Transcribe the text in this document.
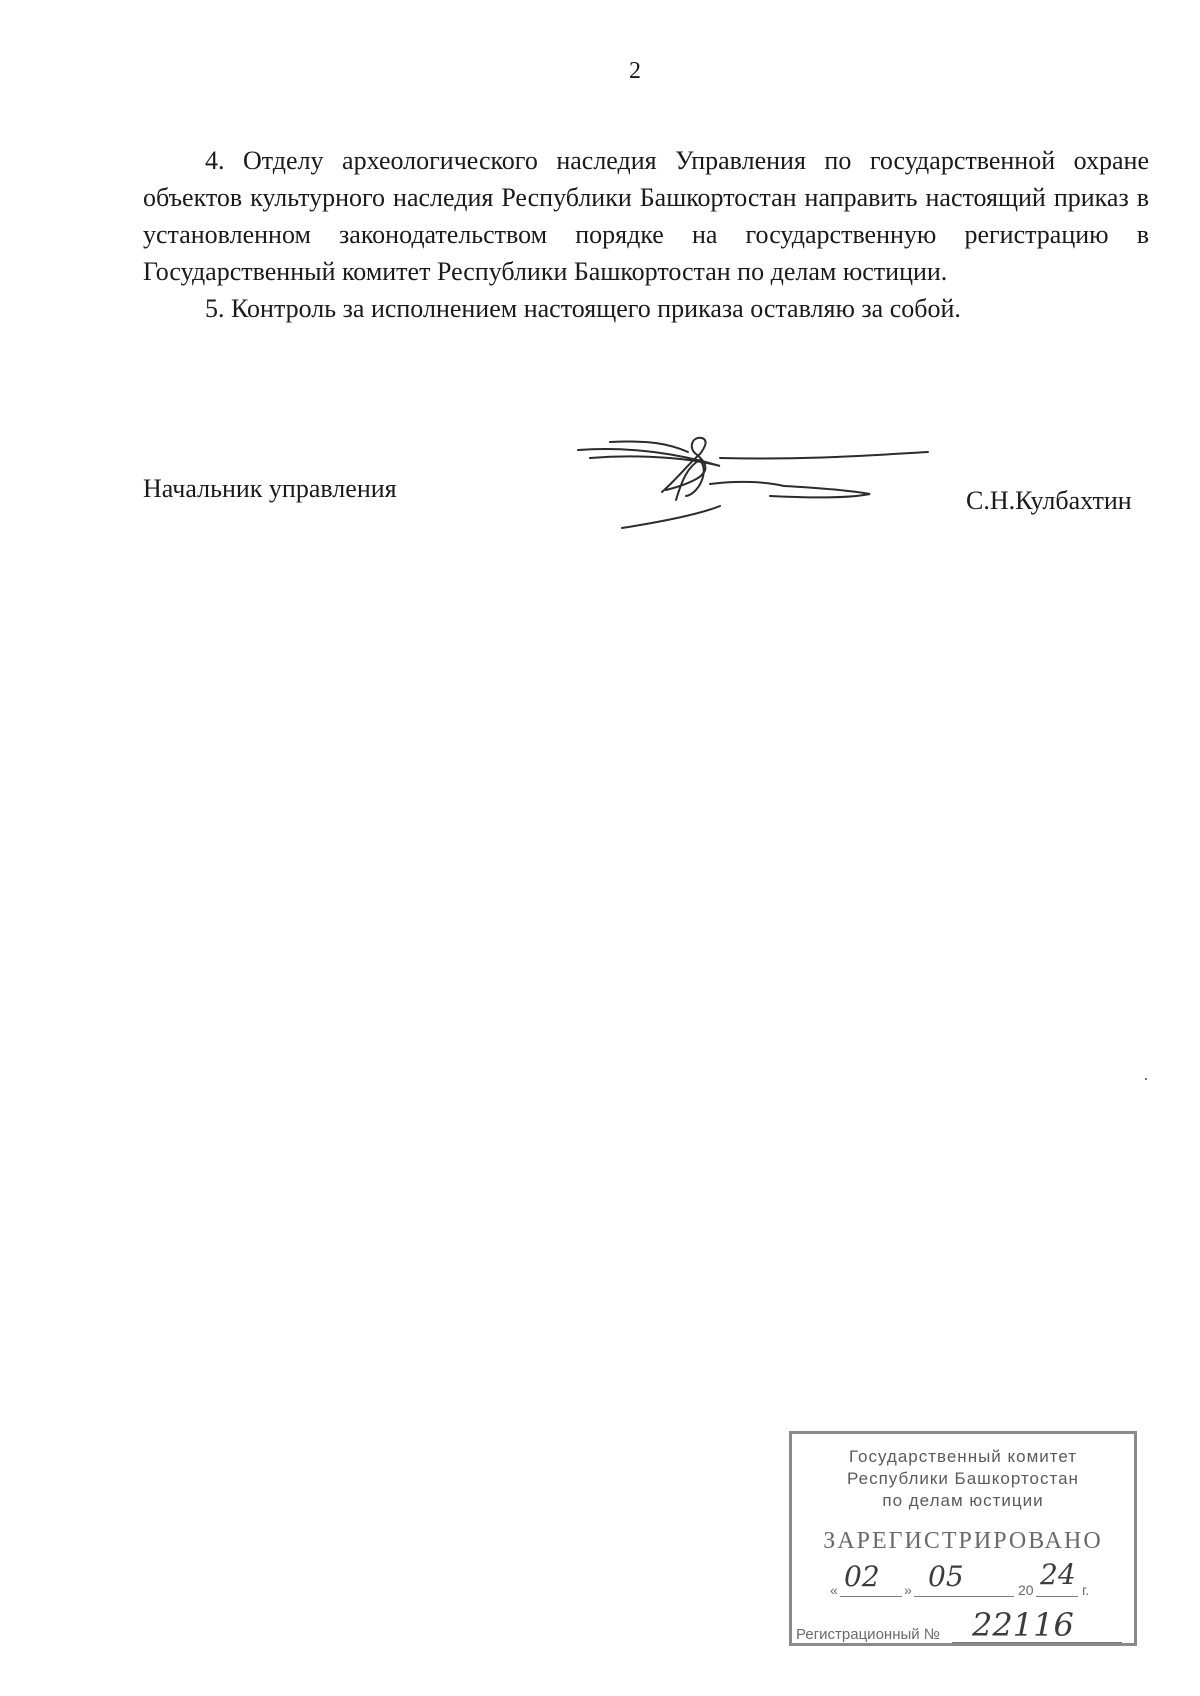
2

4. Отделу археологического наследия Управления по государственной охране объектов культурного наследия Республики Башкортостан направить настоящий приказ в установленном законодательством порядке на государственную регистрацию в Государственный комитет Республики Башкортостан по делам юстиции.

5. Контроль за исполнением настоящего приказа оставляю за собой.

Начальник управления	С.Н.Кулбахтин
Государственный комитет
Республики Башкортостан
по делам юстиции
ЗАРЕГИСТРИРОВАНО
« 02 » 05	20 24 г.
Регистрационный № 22116
